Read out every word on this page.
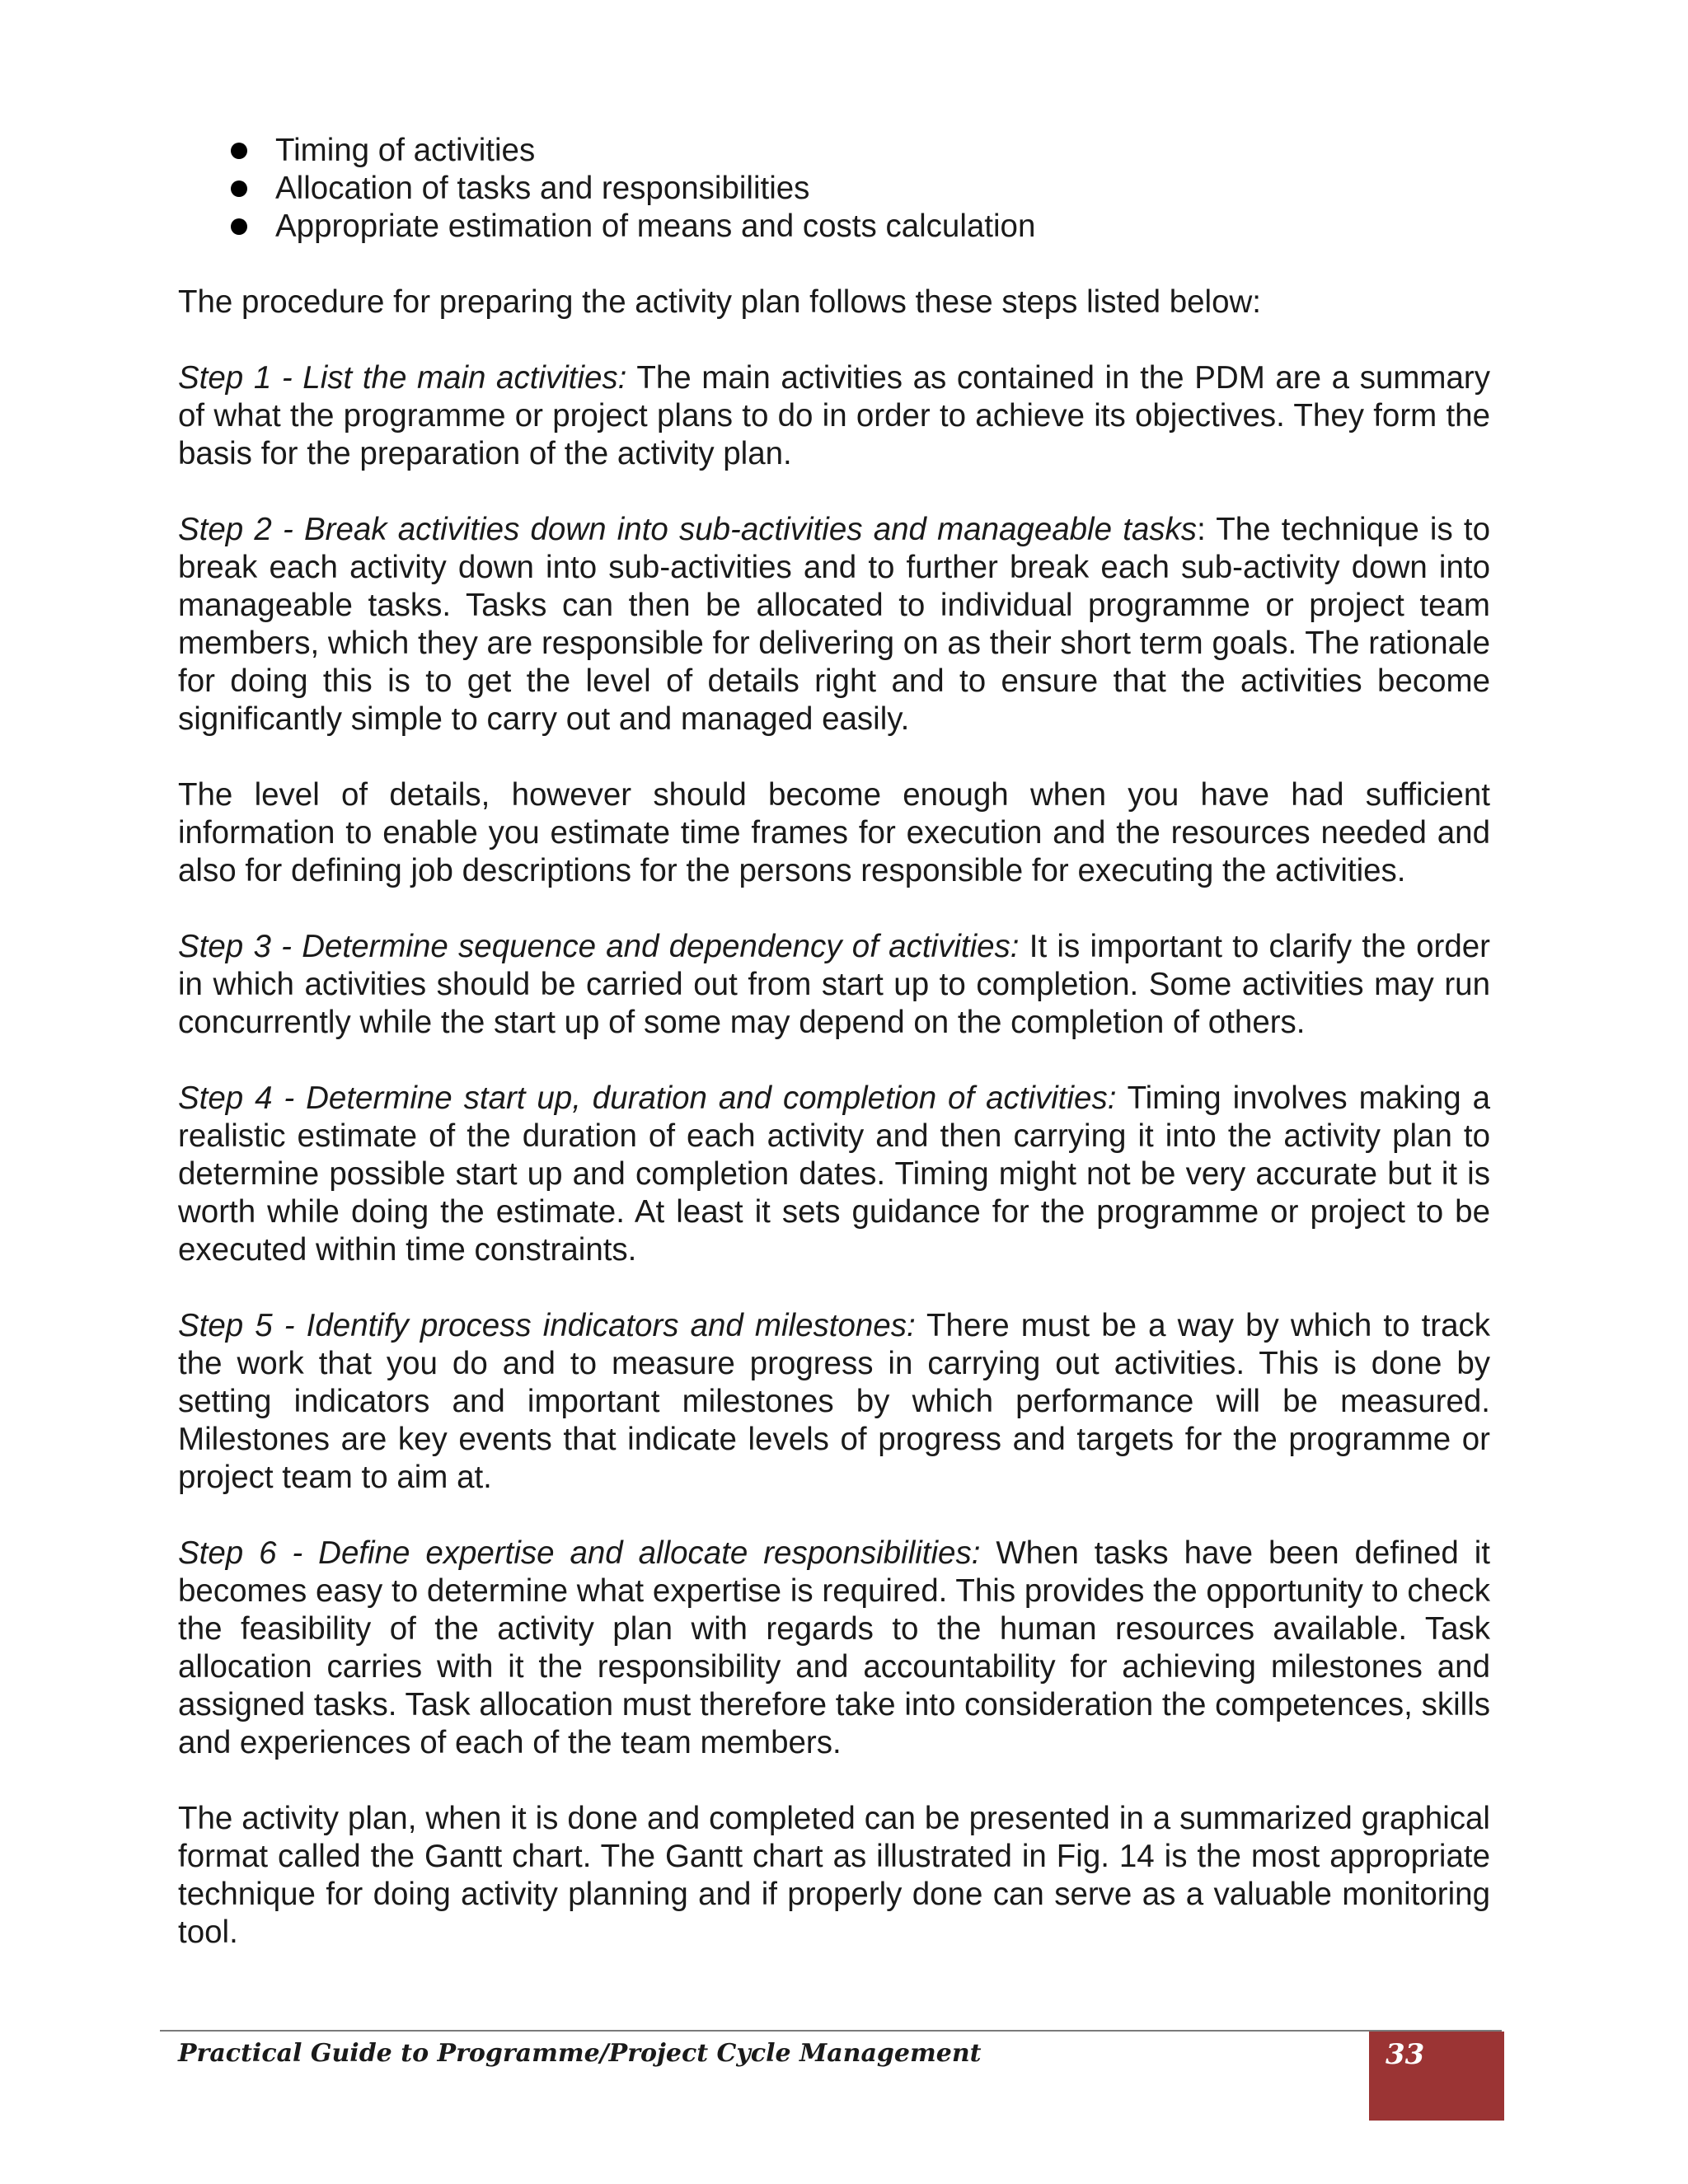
Timing of activities
Allocation of tasks and responsibilities
Appropriate estimation of means and costs calculation

The procedure for preparing the activity plan follows these steps listed below:

Step 1 - List the main activities: The main activities as contained in the PDM are a summary of what the programme or project plans to do in order to achieve its objectives. They form the basis for the preparation of the activity plan.

Step 2 - Break activities down into sub-activities and manageable tasks: The technique is to break each activity down into sub-activities and to further break each sub-activity down into manageable tasks. Tasks can then be allocated to individual programme or project team members, which they are responsible for delivering on as their short term goals. The rationale for doing this is to get the level of details right and to ensure that the activities become significantly simple to carry out and managed easily.

The level of details, however should become enough when you have had sufficient information to enable you estimate time frames for execution and the resources needed and also for defining job descriptions for the persons responsible for executing the activities.

Step 3 - Determine sequence and dependency of activities: It is important to clarify the order in which activities should be carried out from start up to completion. Some activities may run concurrently while the start up of some may depend on the completion of others.

Step 4 - Determine start up, duration and completion of activities: Timing involves making a realistic estimate of the duration of each activity and then carrying it into the activity plan to determine possible start up and completion dates. Timing might not be very accurate but it is worth while doing the estimate. At least it sets guidance for the programme or project to be executed within time constraints.

Step 5 - Identify process indicators and milestones: There must be a way by which to track the work that you do and to measure progress in carrying out activities. This is done by setting indicators and important milestones by which performance will be measured. Milestones are key events that indicate levels of progress and targets for the programme or project team to aim at.

Step 6 - Define expertise and allocate responsibilities: When tasks have been defined it becomes easy to determine what expertise is required. This provides the opportunity to check the feasibility of the activity plan with regards to the human resources available. Task allocation carries with it the responsibility and accountability for achieving milestones and assigned tasks. Task allocation must therefore take into consideration the competences, skills and experiences of each of the team members.

The activity plan, when it is done and completed can be presented in a summarized graphical format called the Gantt chart. The Gantt chart as illustrated in Fig. 14 is the most appropriate technique for doing activity planning and if properly done can serve as a valuable monitoring tool.

Practical Guide to Programme/Project Cycle Management	33
